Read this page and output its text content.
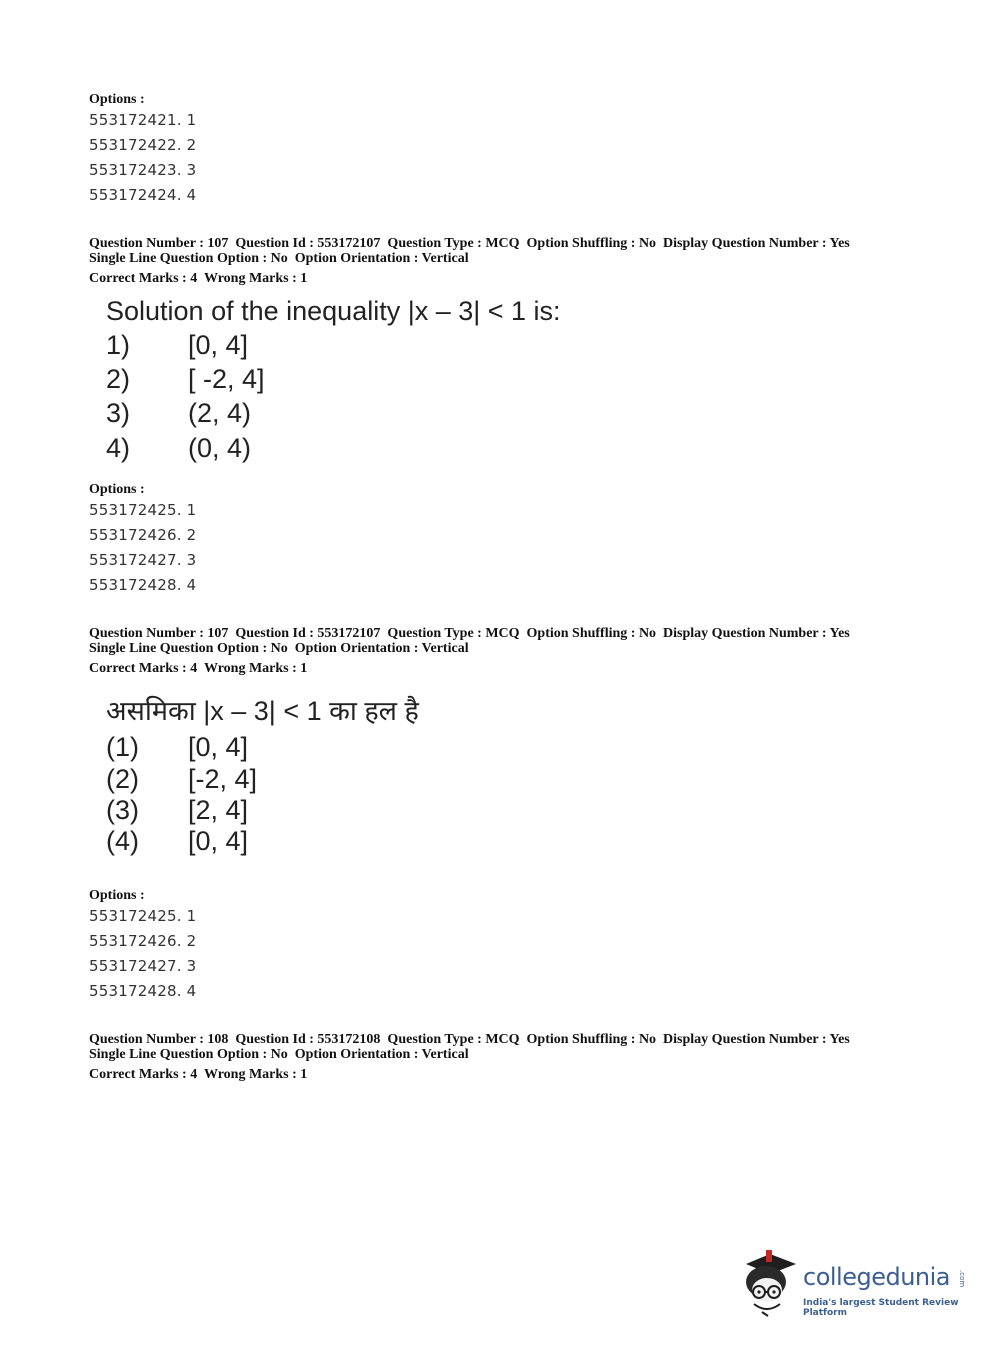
Options :
553172421. 1
553172422. 2
553172423. 3
553172424. 4
Question Number : 107  Question Id : 553172107  Question Type : MCQ  Option Shuffling : No  Display Question Number : Yes
Single Line Question Option : No  Option Orientation : Vertical
Correct Marks : 4  Wrong Marks : 1
Solution of the inequality |x – 3| < 1 is:
1) [0, 4]
2) [ -2, 4]
3) (2, 4)
4) (0, 4)
Options :
553172425. 1
553172426. 2
553172427. 3
553172428. 4
Question Number : 107  Question Id : 553172107  Question Type : MCQ  Option Shuffling : No  Display Question Number : Yes
Single Line Question Option : No  Option Orientation : Vertical
Correct Marks : 4  Wrong Marks : 1
असमिका |x – 3| < 1 का हल है
(1) [0, 4]
(2) [-2, 4]
(3) [2, 4]
(4) [0, 4]
Options :
553172425. 1
553172426. 2
553172427. 3
553172428. 4
Question Number : 108  Question Id : 553172108  Question Type : MCQ  Option Shuffling : No  Display Question Number : Yes
Single Line Question Option : No  Option Orientation : Vertical
Correct Marks : 4  Wrong Marks : 1
collegedunia .com
India's largest Student Review Platform
